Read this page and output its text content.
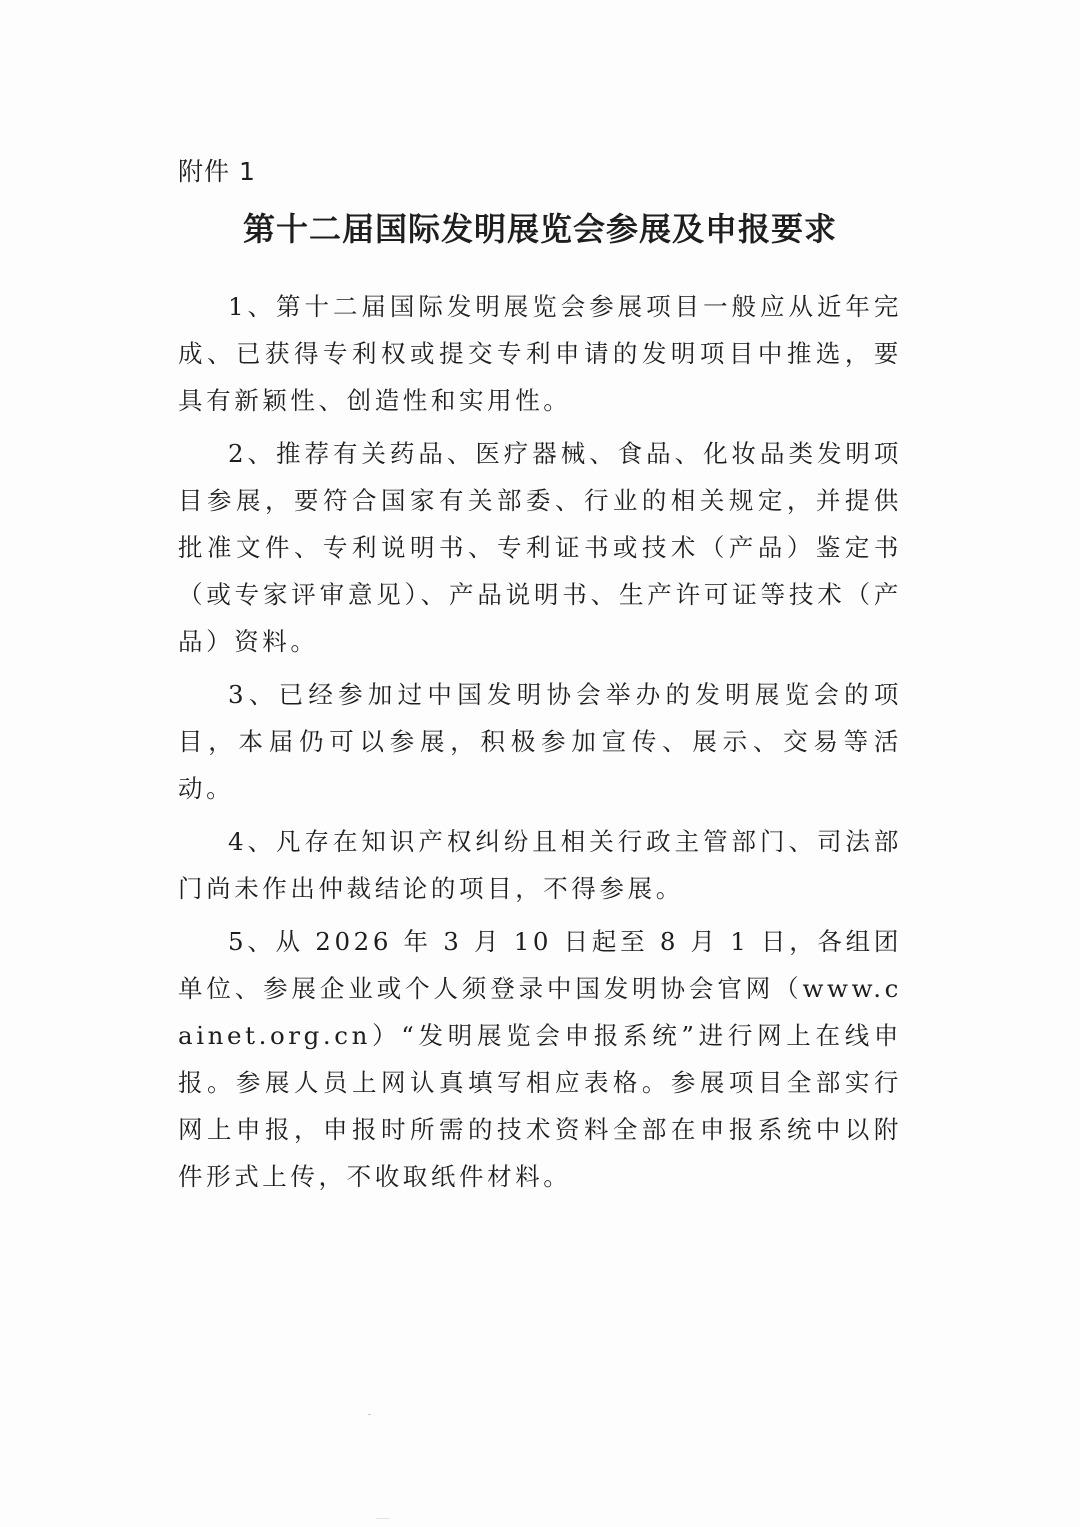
附件 1
第十二届国际发明展览会参展及申报要求

1、第十二届国际发明展览会参展项目一般应从近年完成、已获得专利权或提交专利申请的发明项目中推选，要具有新颖性、创造性和实用性。

2、推荐有关药品、医疗器械、食品、化妆品类发明项目参展，要符合国家有关部委、行业的相关规定，并提供批准文件、专利说明书、专利证书或技术（产品）鉴定书（或专家评审意见）、产品说明书、生产许可证等技术（产品）资料。

3、已经参加过中国发明协会举办的发明展览会的项目，本届仍可以参展，积极参加宣传、展示、交易等活动。

4、凡存在知识产权纠纷且相关行政主管部门、司法部门尚未作出仲裁结论的项目，不得参展。

5、从 2026 年 3 月 10 日起至 8 月 1 日，各组团单位、参展企业或个人须登录中国发明协会官网（www.cainet.org.cn）“发明展览会申报系统”进行网上在线申报。参展人员上网认真填写相应表格。参展项目全部实行网上申报，申报时所需的技术资料全部在申报系统中以附件形式上传，不收取纸件材料。
